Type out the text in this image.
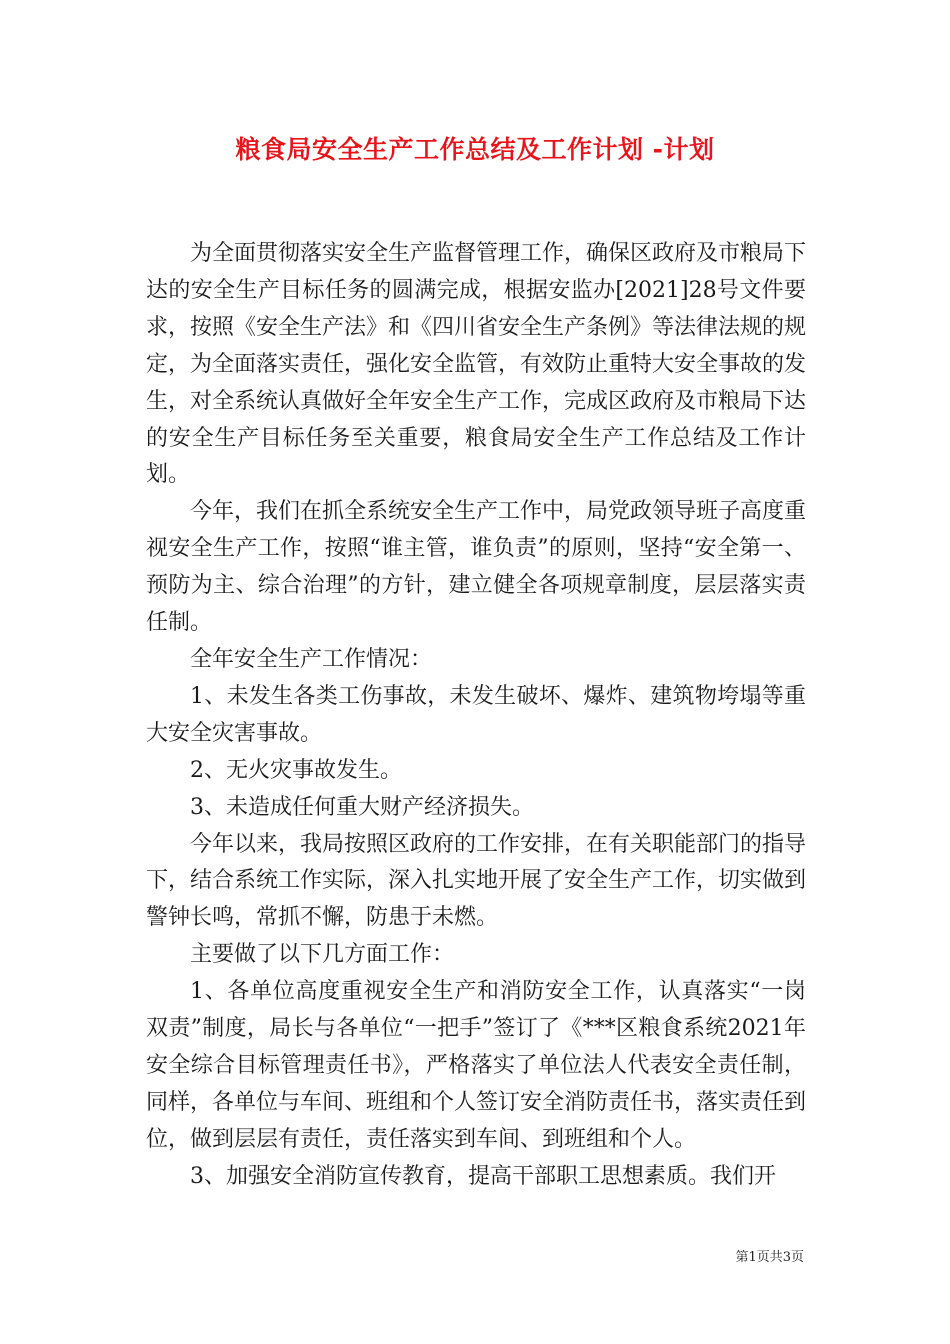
粮食局安全生产工作总结及工作计划 -计划

为全面贯彻落实安全生产监督管理工作，确保区政府及市粮局下达的安全生产目标任务的圆满完成，根据安监办[2021]28号文件要求，按照《安全生产法》和《四川省安全生产条例》等法律法规的规定，为全面落实责任，强化安全监管，有效防止重特大安全事故的发生，对全系统认真做好全年安全生产工作，完成区政府及市粮局下达的安全生产目标任务至关重要，粮食局安全生产工作总结及工作计划。

今年，我们在抓全系统安全生产工作中，局党政领导班子高度重视安全生产工作，按照“谁主管，谁负责”的原则，坚持“安全第一、预防为主、综合治理”的方针，建立健全各项规章制度，层层落实责任制。

全年安全生产工作情况：

1、未发生各类工伤事故，未发生破坏、爆炸、建筑物垮塌等重大安全灾害事故。

2、无火灾事故发生。

3、未造成任何重大财产经济损失。

今年以来，我局按照区政府的工作安排，在有关职能部门的指导下，结合系统工作实际，深入扎实地开展了安全生产工作，切实做到警钟长鸣，常抓不懈，防患于未燃。

主要做了以下几方面工作：

1、各单位高度重视安全生产和消防安全工作，认真落实“一岗双责”制度，局长与各单位“一把手”签订了《***区粮食系统2021年安全综合目标管理责任书》，严格落实了单位法人代表安全责任制，同样，各单位与车间、班组和个人签订安全消防责任书，落实责任到位，做到层层有责任，责任落实到车间、到班组和个人。

3、加强安全消防宣传教育，提高干部职工思想素质。我们开

第1页共3页
